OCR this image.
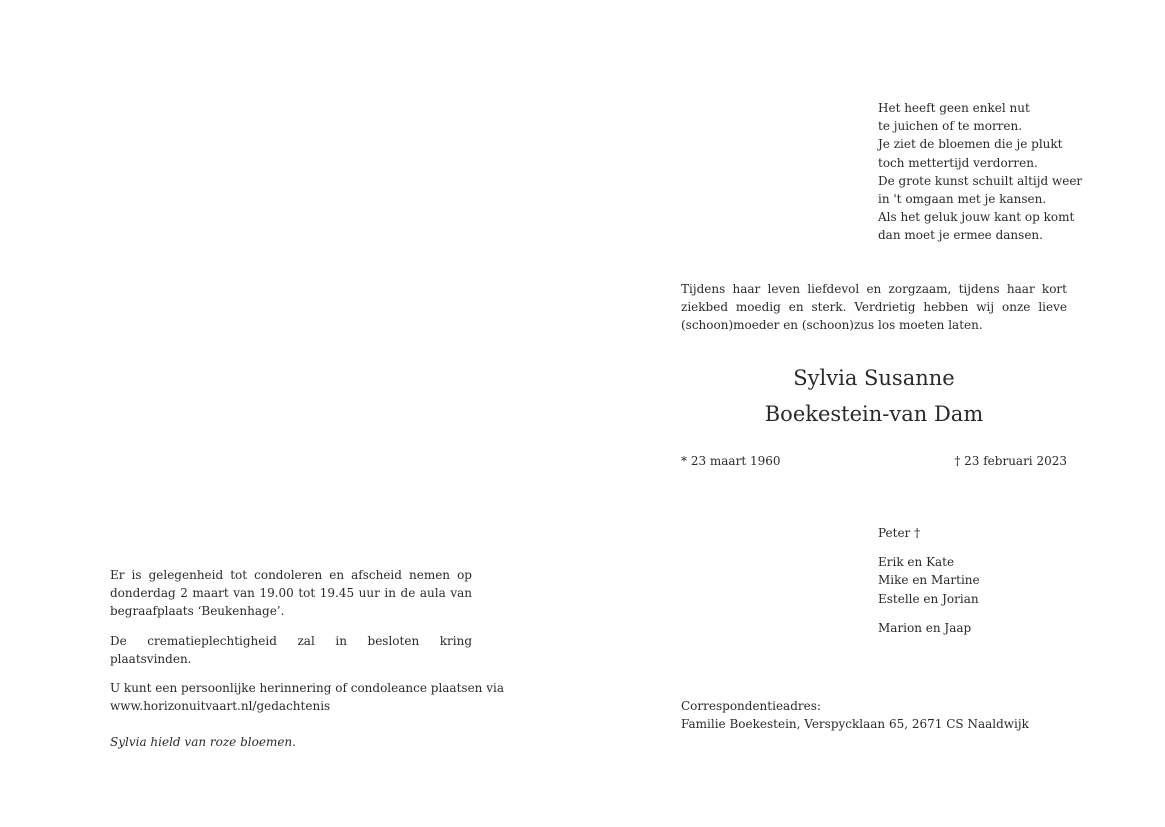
Het heeft geen enkel nut
te juichen of te morren.
Je ziet de bloemen die je plukt
toch mettertijd verdorren.
De grote kunst schuilt altijd weer
in 't omgaan met je kansen.
Als het geluk jouw kant op komt
dan moet je ermee dansen.
Tijdens haar leven liefdevol en zorgzaam, tijdens haar kort ziekbed moedig en sterk. Verdrietig hebben wij onze lieve (schoon)moeder en (schoon)zus los moeten laten.
Sylvia Susanne
Boekestein-van Dam
* 23 maart 1960	† 23 februari 2023
Peter †
Erik en Kate
Mike en Martine
Estelle en Jorian
Marion en Jaap
Correspondentieadres:
Familie Boekestein, Verspycklaan 65, 2671 CS Naaldwijk
Er is gelegenheid tot condoleren en afscheid nemen op donderdag 2 maart van 19.00 tot 19.45 uur in de aula van begraafplaats ‘Beukenhage’.
De crematieplechtigheid zal in besloten kring plaatsvinden.
U kunt een persoonlijke herinnering of condoleance plaatsen via
www.horizonuitvaart.nl/gedachtenis
Sylvia hield van roze bloemen.
